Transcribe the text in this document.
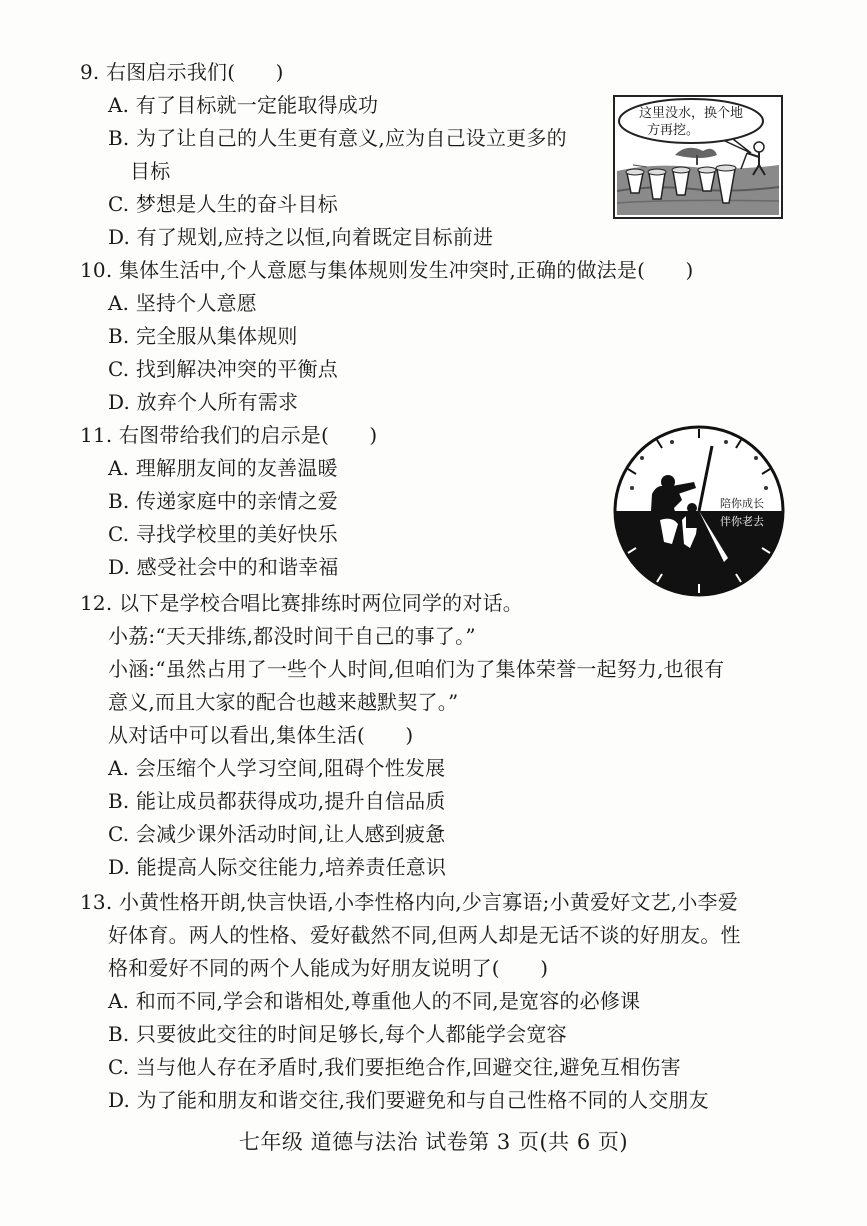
9. 右图启示我们(　　)
A. 有了目标就一定能取得成功
B. 为了让自己的人生更有意义,应为自己设立更多的
目标
C. 梦想是人生的奋斗目标
D. 有了规划,应持之以恒,向着既定目标前进
这里没水，换个地
方再挖。
10. 集体生活中,个人意愿与集体规则发生冲突时,正确的做法是(　　)
A. 坚持个人意愿
B. 完全服从集体规则
C. 找到解决冲突的平衡点
D. 放弃个人所有需求
11. 右图带给我们的启示是(　　)
A. 理解朋友间的友善温暖
B. 传递家庭中的亲情之爱
C. 寻找学校里的美好快乐
D. 感受社会中的和谐幸福
陪你成长
伴你老去
12. 以下是学校合唱比赛排练时两位同学的对话。
小荔:“天天排练,都没时间干自己的事了。”
小涵:“虽然占用了一些个人时间,但咱们为了集体荣誉一起努力,也很有
意义,而且大家的配合也越来越默契了。”
从对话中可以看出,集体生活(　　)
A. 会压缩个人学习空间,阻碍个性发展
B. 能让成员都获得成功,提升自信品质
C. 会减少课外活动时间,让人感到疲惫
D. 能提高人际交往能力,培养责任意识
13. 小黄性格开朗,快言快语,小李性格内向,少言寡语;小黄爱好文艺,小李爱
好体育。两人的性格、爱好截然不同,但两人却是无话不谈的好朋友。性
格和爱好不同的两个人能成为好朋友说明了(　　)
A. 和而不同,学会和谐相处,尊重他人的不同,是宽容的必修课
B. 只要彼此交往的时间足够长,每个人都能学会宽容
C. 当与他人存在矛盾时,我们要拒绝合作,回避交往,避免互相伤害
D. 为了能和朋友和谐交往,我们要避免和与自己性格不同的人交朋友
七年级 道德与法治 试卷第 3 页(共 6 页)
